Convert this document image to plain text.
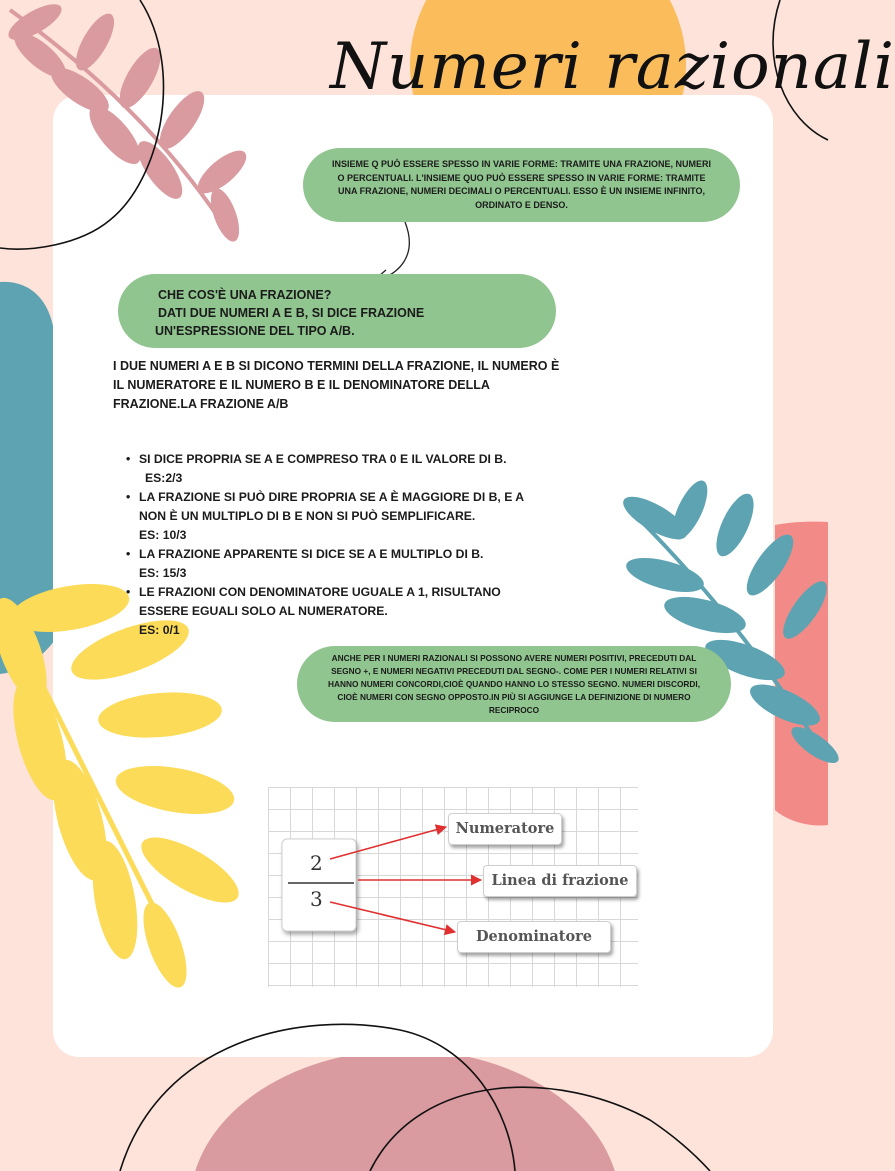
Numeri razionali
INSIEME Q PUÒ ESSERE SPESSO IN VARIE FORME: TRAMITE UNA FRAZIONE, NUMERI O PERCENTUALI. L'INSIEME QUO PUÒ ESSERE SPESSO IN VARIE FORME: TRAMITE UNA FRAZIONE, NUMERI DECIMALI O PERCENTUALI. ESSO È UN INSIEME INFINITO, ORDINATO E DENSO.
CHE COS'È UNA FRAZIONE?
DATI DUE NUMERI A E B, SI DICE FRAZIONE
UN'ESPRESSIONE DEL TIPO A/B.
I DUE NUMERI A E B SI DICONO TERMINI DELLA FRAZIONE, IL NUMERO È IL NUMERATORE E IL NUMERO B E IL DENOMINATORE DELLA FRAZIONE.LA FRAZIONE A/B
• SI DICE PROPRIA SE A E COMPRESO TRA 0 E IL VALORE DI B.
ES:2/3
• LA FRAZIONE SI PUÒ DIRE PROPRIA SE A È MAGGIORE DI B, E A NON È UN MULTIPLO DI B E NON SI PUÒ SEMPLIFICARE.
ES: 10/3
• LA FRAZIONE APPARENTE SI DICE SE A E MULTIPLO DI B.
ES: 15/3
• LE FRAZIONI CON DENOMINATORE UGUALE A 1, RISULTANO ESSERE EGUALI SOLO AL NUMERATORE.
ES: 0/1
ANCHE PER I NUMERI RAZIONALI SI POSSONO AVERE NUMERI POSITIVI, PRECEDUTI DAL SEGNO +, E NUMERI NEGATIVI PRECEDUTI DAL SEGNO-. COME PER I NUMERI RELATIVI SI HANNO NUMERI CONCORDI,CIOÈ QUANDO HANNO LO STESSO SEGNO. NUMERI DISCORDI, CIOÈ NUMERI CON SEGNO OPPOSTO.IN PIÙ SI AGGIUNGE LA DEFINIZIONE DI NUMERO RECIPROCO
2
3
Numeratore
Linea di frazione
Denominatore
